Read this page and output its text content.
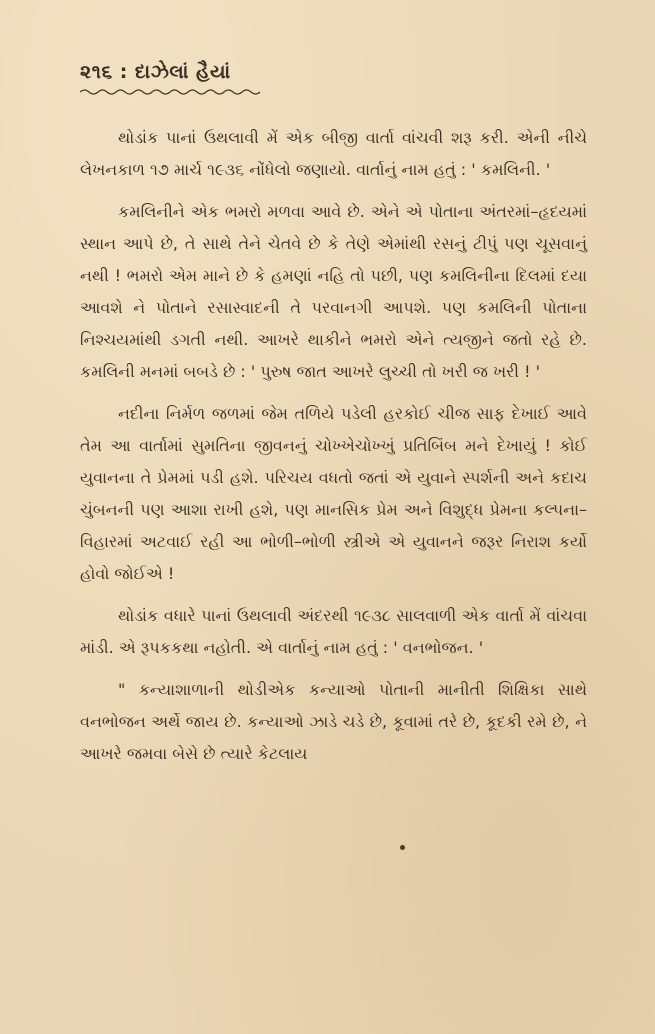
૨૧૬ : દાઝેલાં હૈયાં

થોડાંક પાનાં ઉથલાવી મેં એક બીજી વાર્તા વાંચવી શરૂ કરી. એની નીચે લેખનકાળ ૧૭ માર્ચ ૧૯૩૬ નોંધેલો જણાયો. વાર્તાનું નામ હતું : ' કમલિની. '

કમલિનીને એક ભમરો મળવા આવે છે. એને એ પોતાના અંતરમાં–હૃદયમાં સ્થાન આપે છે, તે સાથે તેને ચેતવે છે કે તેણે એમાંથી રસનું ટીપું પણ ચૂસવાનું નથી ! ભમરો એમ માને છે કે હમણાં નહિ તો પછી, પણ કમલિનીના દિલમાં દયા આવશે ને પોતાને રસાસ્વાદની તે પરવાનગી આપશે. પણ કમલિની પોતાના નિશ્ચયમાંથી ડગતી નથી. આખરે થાકીને ભમરો એને ત્યજીને જતો રહે છે. કમલિની મનમાં બબડે છે : ' પુરુષ જાત આખરે લુચ્ચી તો ખરી જ ખરી ! '

નદીના નિર્મળ જળમાં જેમ તળિયે પડેલી હરકોઈ ચીજ સાફ દેખાઈ આવે તેમ આ વાર્તામાં સુમતિના જીવનનું ચોખ્ખેચોખ્ખું પ્રતિબિંબ મને દેખાયું ! કોઈ યુવાનના તે પ્રેમમાં પડી હશે. પરિચય વધતો જતાં એ યુવાને સ્પર્શની અને કદાચ ચુંબનની પણ આશા રાખી હશે, પણ માનસિક પ્રેમ અને વિશુદ્ધ પ્રેમના કલ્પના–વિહારમાં અટવાઈ રહી આ ભોળી–ભોળી સ્ત્રીએ એ યુવાનને જરૂર નિરાશ કર્યો હોવો જોઈએ !

થોડાંક વધારે પાનાં ઉથલાવી અંદરથી ૧૯૩૮ સાલવાળી એક વાર્તા મેં વાંચવા માંડી. એ રૂપકકથા નહોતી. એ વાર્તાનું નામ હતું : ' વનભોજન. '

" કન્યાશાળાની થોડીએક કન્યાઓ પોતાની માનીતી શિક્ષિકા સાથે વનભોજન અર્થે જાય છે. કન્યાઓ ઝાડે ચડે છે, કૂવામાં તરે છે, કૂદકી રમે છે, ને આખરે જમવા બેસે છે ત્યારે કેટલાય
